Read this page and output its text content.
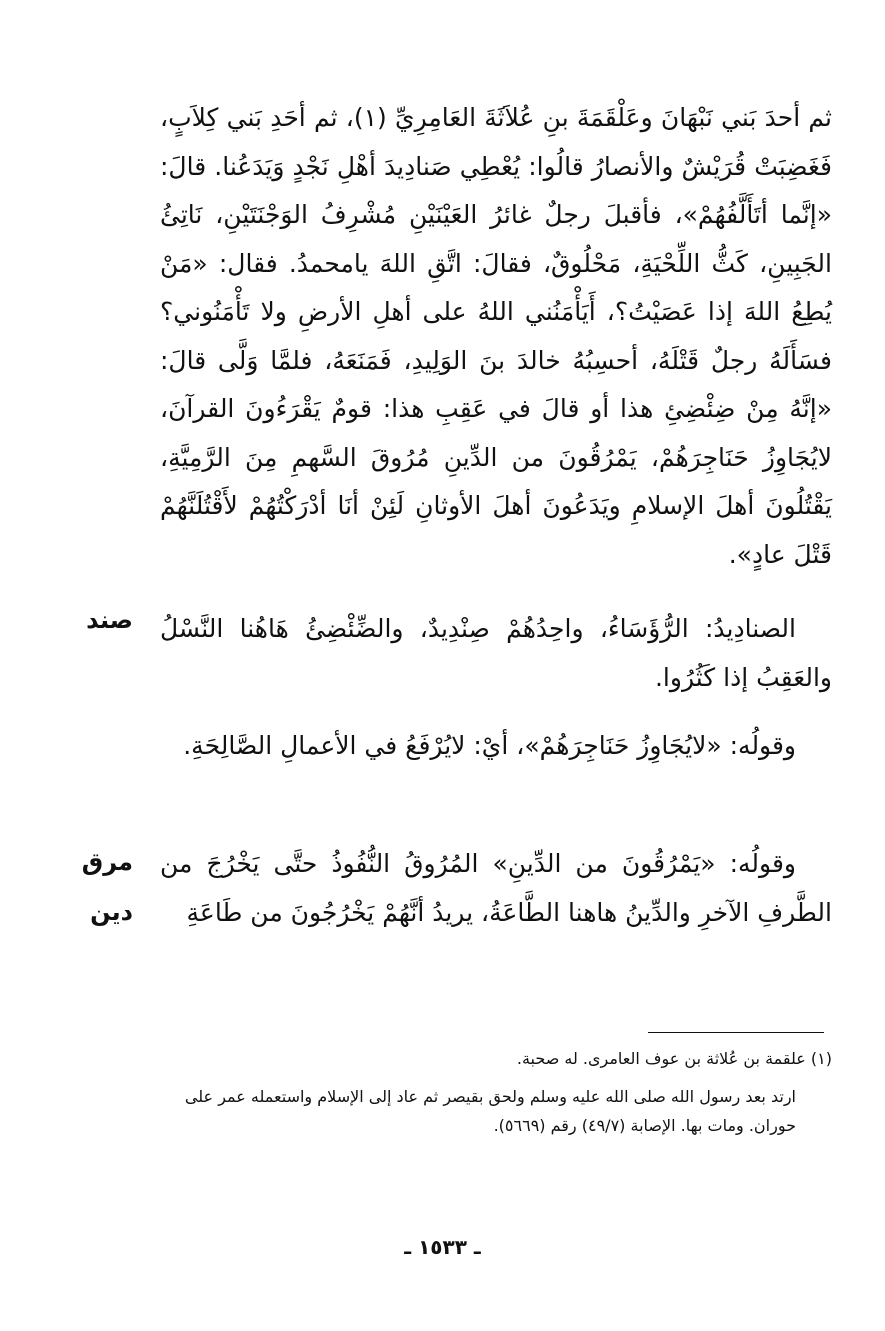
ثم أحدَ بَني نَبْهَانَ وعَلْقَمَةَ بنِ عُلاَثَةَ العَامِرِيِّ (١)، ثم أحَدِ بَني كِلاَبٍ، فَغَضِبَتْ قُرَيْشٌ والأنصارُ قالُوا: يُعْطِي صَنادِيدَ أهْلِ نَجْدٍ وَيَدَعُنا. قالَ: «إنَّما أتَأَلَّفُهُمْ»، فأقبلَ رجلٌ غائرُ العَيْنَيْنِ مُشْرِفُ الوَجْنَتَيْنِ، نَاتِئُ الجَبِينِ، كَثُّ اللِّحْيَةِ، مَحْلُوقٌ، فقالَ: اتَّقِ اللهَ يامحمدُ. فقال: «مَنْ يُطِعُ اللهَ إذا عَصَيْتُ؟، أَيَأْمَنُني اللهُ على أهلِ الأرضِ ولا تَأْمَنُوني؟ فسَأَلَهُ رجلٌ قَتْلَهُ، أحسِبُهُ خالدَ بنَ الوَلِيدِ، فَمَنَعَهُ، فلمَّا وَلَّى قالَ: «إنَّهُ مِنْ ضِئْضِئِ هذا أو قالَ في عَقِبِ هذا: قومٌ يَقْرَءُونَ القرآنَ، لايُجَاوِزُ حَنَاجِرَهُمْ، يَمْرُقُونَ من الدِّينِ مُرُوقَ السَّهمِ مِنَ الرَّمِيَّةِ، يَقْتُلُونَ أهلَ الإسلامِ ويَدَعُونَ أهلَ الأوثانِ لَئِنْ أنَا أدْرَكْتُهُمْ لأَقْتُلَنَّهُمْ قَتْلَ عادٍ».

صند الصنادِيدُ: الرُّؤَسَاءُ، واحِدُهُمْ صِنْدِيدٌ، والضِّئْضِئُ هَاهُنا النَّسْلُ والعَقِبُ إذا كَثُرُوا.

وقولُه: «لايُجَاوِزُ حَنَاجِرَهُمْ»، أيْ: لايُرْفَعُ في الأعمالِ الصَّالِحَةِ.

مرق

دين

وقولُه: «يَمْرُقُونَ من الدِّينِ» المُرُوقُ النُّفُوذُ حتَّى يَخْرُجَ من الطَّرفِ الآخرِ والدِّينُ هاهنا الطَّاعَةُ، يريدُ أنَّهُمْ يَخْرُجُونَ من طَاعَةِ

(١) علقمة بن عُلاثة بن عوف العامرى. له صحبة.

ارتد بعد رسول الله صلى الله عليه وسلم ولحق بقيصر ثم عاد إلى الإسلام واستعمله عمر على حوران. ومات بها. الإصابة (٤٩/٧) رقم (٥٦٦٩).

ـ ١٥٣٣ ـ
